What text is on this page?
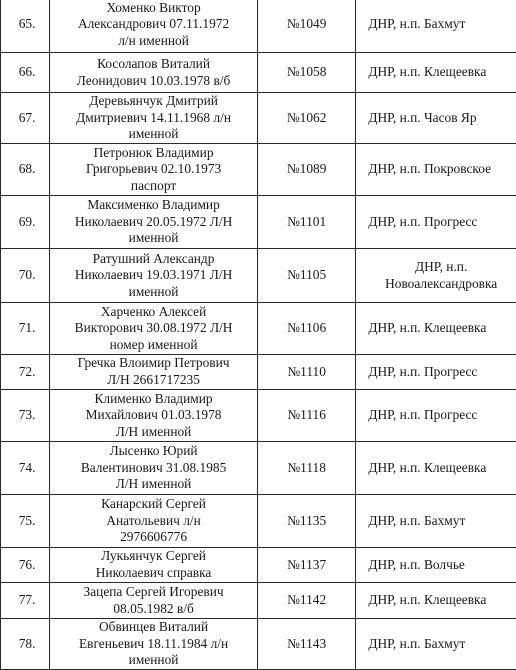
65.	Хоменко Виктор
Александрович 07.11.1972
л/н именной	№1049	ДНР, н.п. Бахмут
66.	Косолапов Виталий
Леонидович 10.03.1978 в/б	№1058	ДНР, н.п. Клещеевка
67.	Деревьянчук Дмитрий
Дмитриевич 14.11.1968 л/н
именной	№1062	ДНР, н.п. Часов Яр
68.	Петронюк Владимир
Григорьевич 02.10.1973
паспорт	№1089	ДНР, н.п. Покровское
69.	Максименко Владимир
Николаевич 20.05.1972 Л/Н
именной	№1101	ДНР, н.п. Прогресс
70.	Ратушний Александр
Николаевич 19.03.1971 Л/Н
именной	№1105	ДНР, н.п.
Новоалександровка

71.	Харченко Алексей
Викторович 30.08.1972 Л/Н
номер именной	№1106	ДНР, н.п. Клещеевка
72.	Гречка Влоимир Петрович
Л/Н 2661717235	№1110	ДНР, н.п. Прогресс
73.	Клименко Владимир
Михайлович 01.03.1978
Л/Н именной	№1116	ДНР, н.п. Прогресс
74.	Лысенко Юрий
Валентинович 31.08.1985
Л/Н именной	№1118	ДНР, н.п. Клещеевка
75.	Канарский Сергей
Анатольевич л/н
2976606776	№1135	ДНР, н.п. Бахмут
76.	Лукьянчук Сергей
Николаевич справка	№1137	ДНР, н.п. Волчье
77.	Зацепа Сергей Игоревич
08.05.1982 в/б	№1142	ДНР, н.п. Клещеевка
78.	Обвинцев Виталий
Евгеньевич 18.11.1984 л/н
именной	№1143	ДНР, н.п. Бахмут
